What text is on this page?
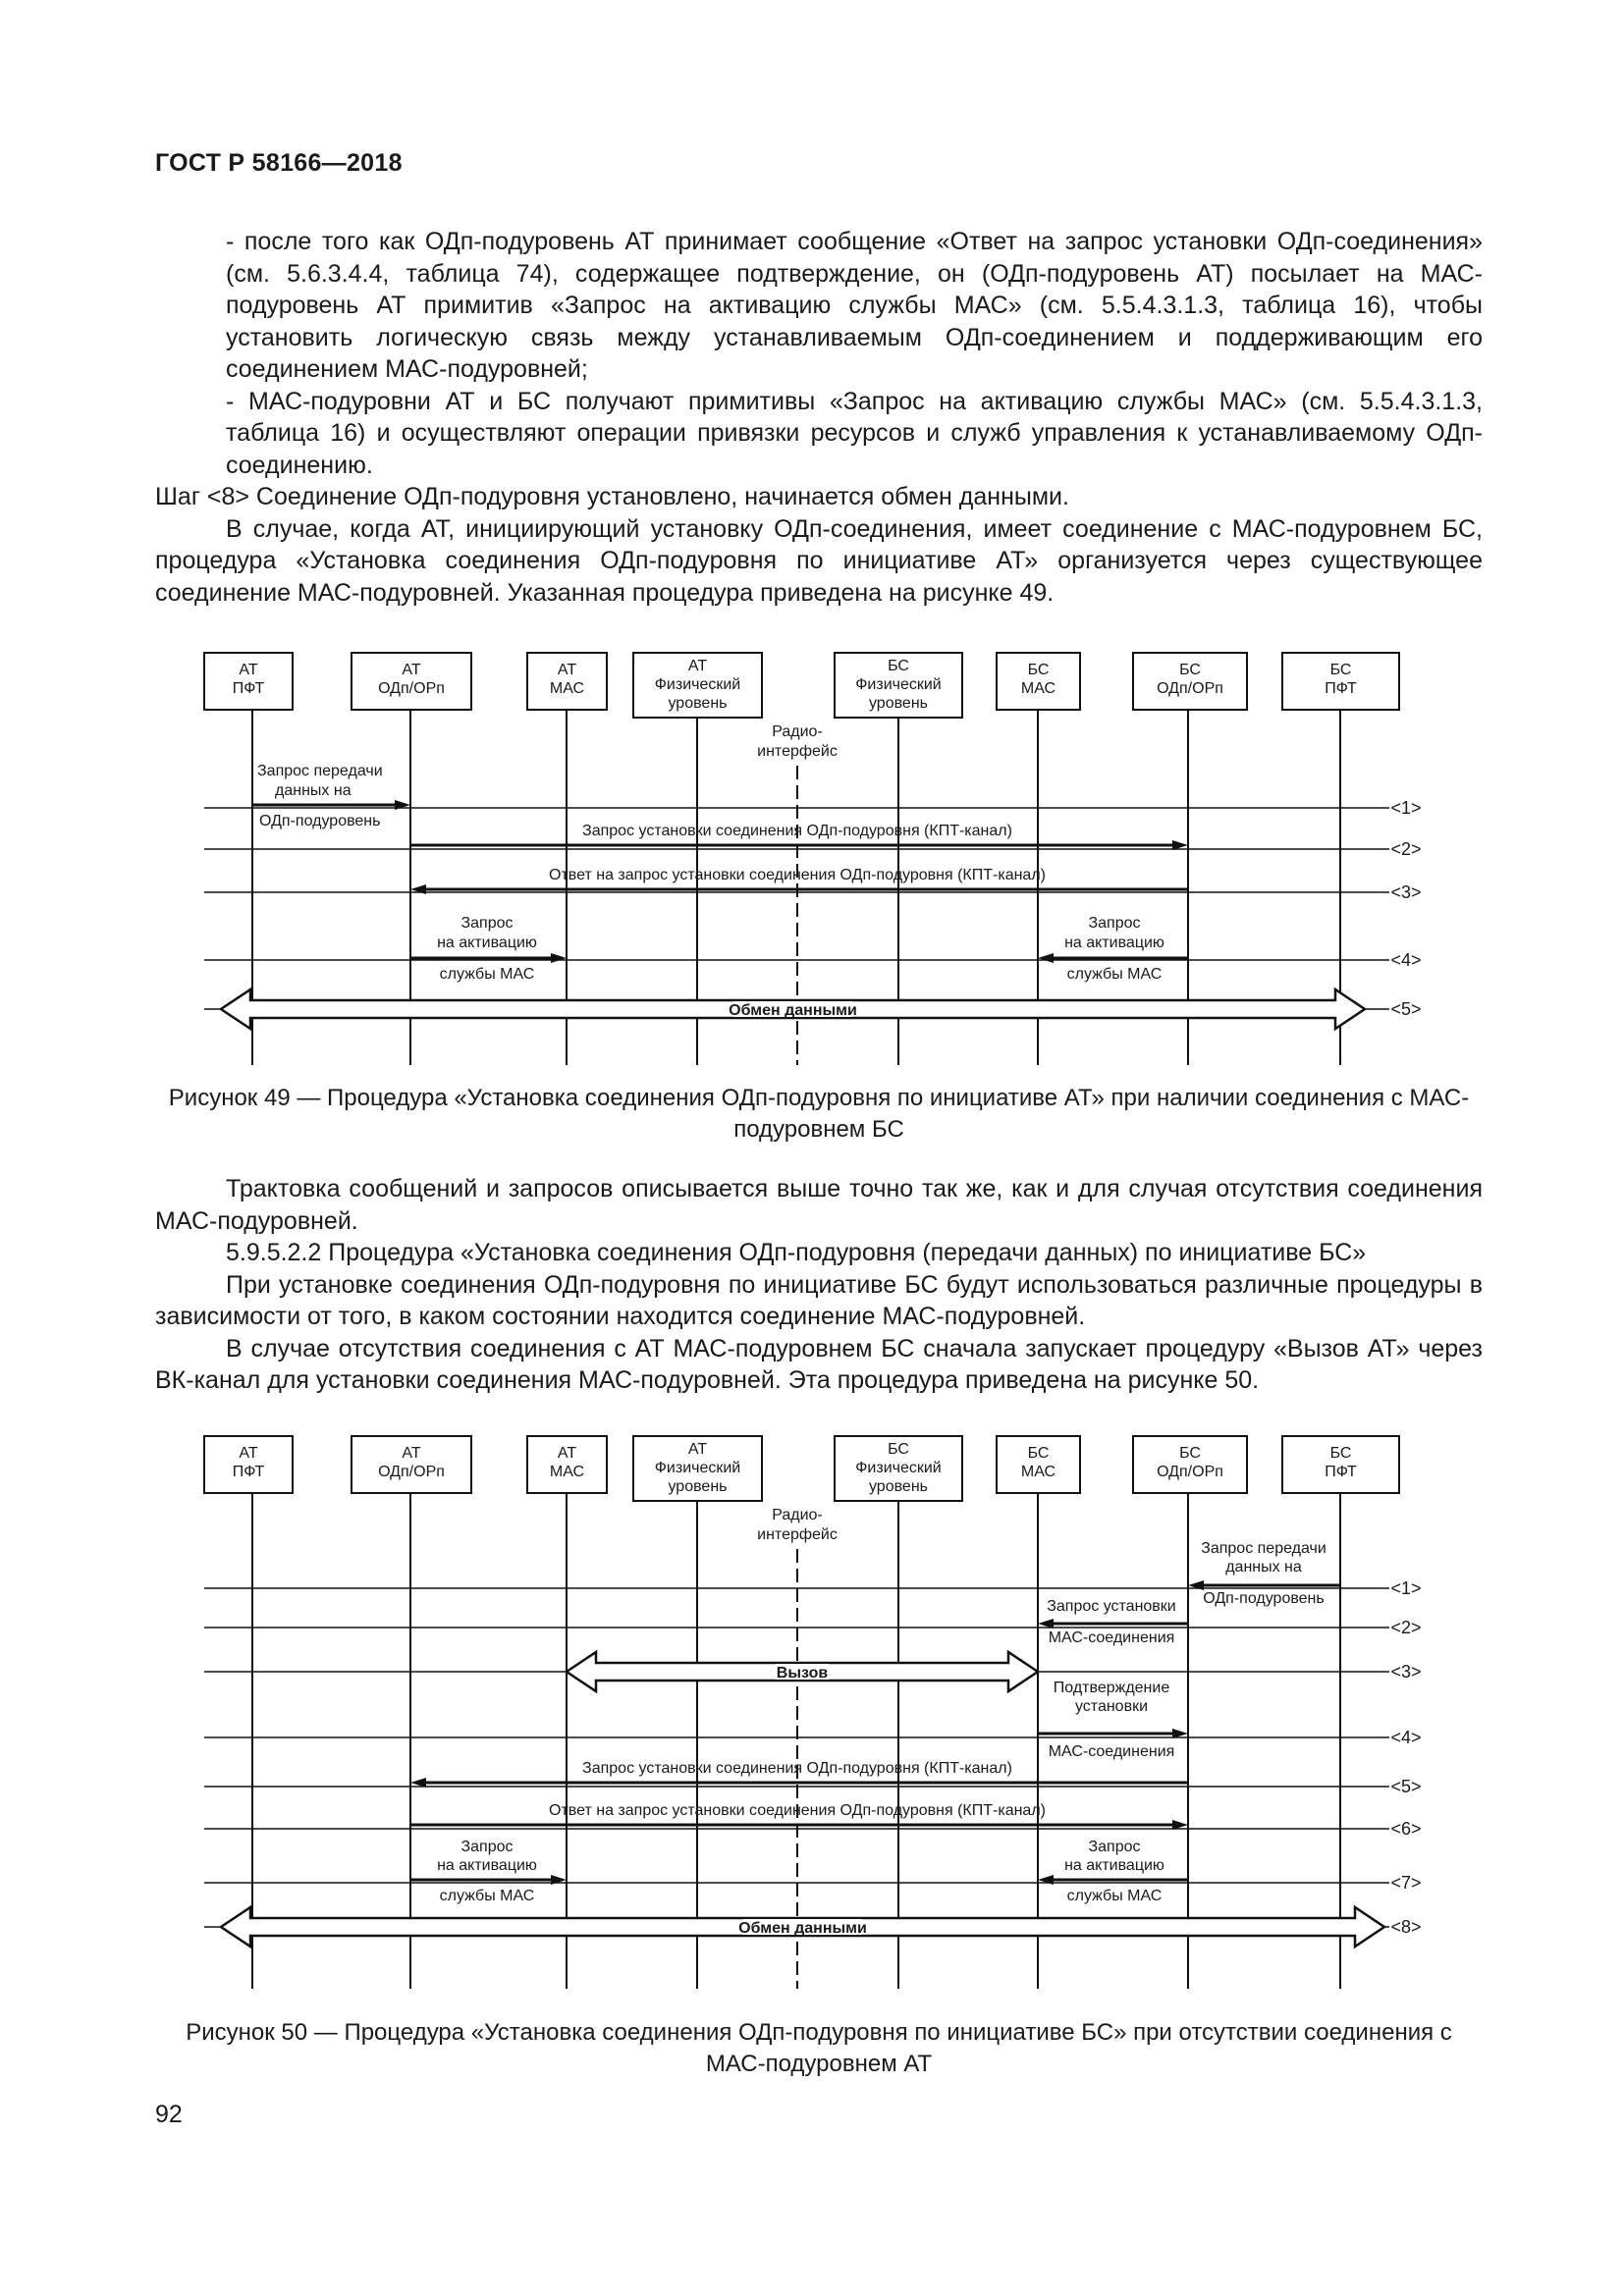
ГОСТ Р 58166—2018

- после того как ОДп-подуровень АТ принимает сообщение «Ответ на запрос установки ОДп-соединения» (см. 5.6.3.4.4, таблица 74), содержащее подтверждение, он (ОДп-подуровень АТ) посылает на МАС-подуровень АТ примитив «Запрос на активацию службы МАС» (см. 5.5.4.3.1.3, таблица 16), чтобы установить логическую связь между устанавливаемым ОДп-соединением и поддерживающим его соединением МАС-подуровней;

- МАС-подуровни АТ и БС получают примитивы «Запрос на активацию службы МАС» (см. 5.5.4.3.1.3, таблица 16) и осуществляют операции привязки ресурсов и служб управления к устанавливаемому ОДп-соединению.

Шаг <8> Соединение ОДп-подуровня установлено, начинается обмен данными.

В случае, когда АТ, инициирующий установку ОДп-соединения, имеет соединение с МАС-подуровнем БС, процедура «Установка соединения ОДп-подуровня по инициативе АТ» организуется через существующее соединение МАС-подуровней. Указанная процедура приведена на рисунке 49.

АТ
ПФТ
АТ
ОДп/ОРп
АТ
МАС
АТ
Физический
уровень
БС
Физический
уровень
БС
МАС
БС
ОДп/ОРп
БС
ПФТ
Радио-
интерфейс
<1>
<2>
<3>
<4>
<5>
Запрос передачи
данных на
ОДп-подуровень
Запрос установки соединения ОДп-подуровня (КПТ-канал)
Ответ на запрос установки соединения ОДп-подуровня (КПТ-канал)
Запрос
на активацию
службы МАС
Запрос
на активацию
службы МАС
Обмен данными
Рисунок 49 — Процедура «Установка соединения ОДп-подуровня по инициативе АТ» при наличии соединения с МАС-подуровнем БС

Трактовка сообщений и запросов описывается выше точно так же, как и для случая отсутствия соединения МАС-подуровней.

5.9.5.2.2 Процедура «Установка соединения ОДп-подуровня (передачи данных) по инициативе БС»

При установке соединения ОДп-подуровня по инициативе БС будут использоваться различные процедуры в зависимости от того, в каком состоянии находится соединение МАС-подуровней.

В случае отсутствия соединения с АТ МАС-подуровнем БС сначала запускает процедуру «Вызов АТ» через ВК-канал для установки соединения МАС-подуровней. Эта процедура приведена на рисунке 50.

АТ
ПФТ
АТ
ОДп/ОРп
АТ
МАС
АТ
Физический
уровень
БС
Физический
уровень
БС
МАС
БС
ОДп/ОРп
БС
ПФТ
Радио-
интерфейс
<1>
<2>
<3>
<4>
<5>
<6>
<7>
<8>
Запрос передачи
данных на
ОДп-подуровень
Запрос установки
МАС-соединения
Вызов
Подтверждение
установки
МАС-соединения
Запрос установки соединения ОДп-подуровня (КПТ-канал)
Ответ на запрос установки соединения ОДп-подуровня (КПТ-канал)
Запрос
на активацию
службы МАС
Запрос
на активацию
службы МАС
Обмен данными
Рисунок 50 — Процедура «Установка соединения ОДп-подуровня по инициативе БС» при отсутствии соединения с МАС-подуровнем АТ
92
